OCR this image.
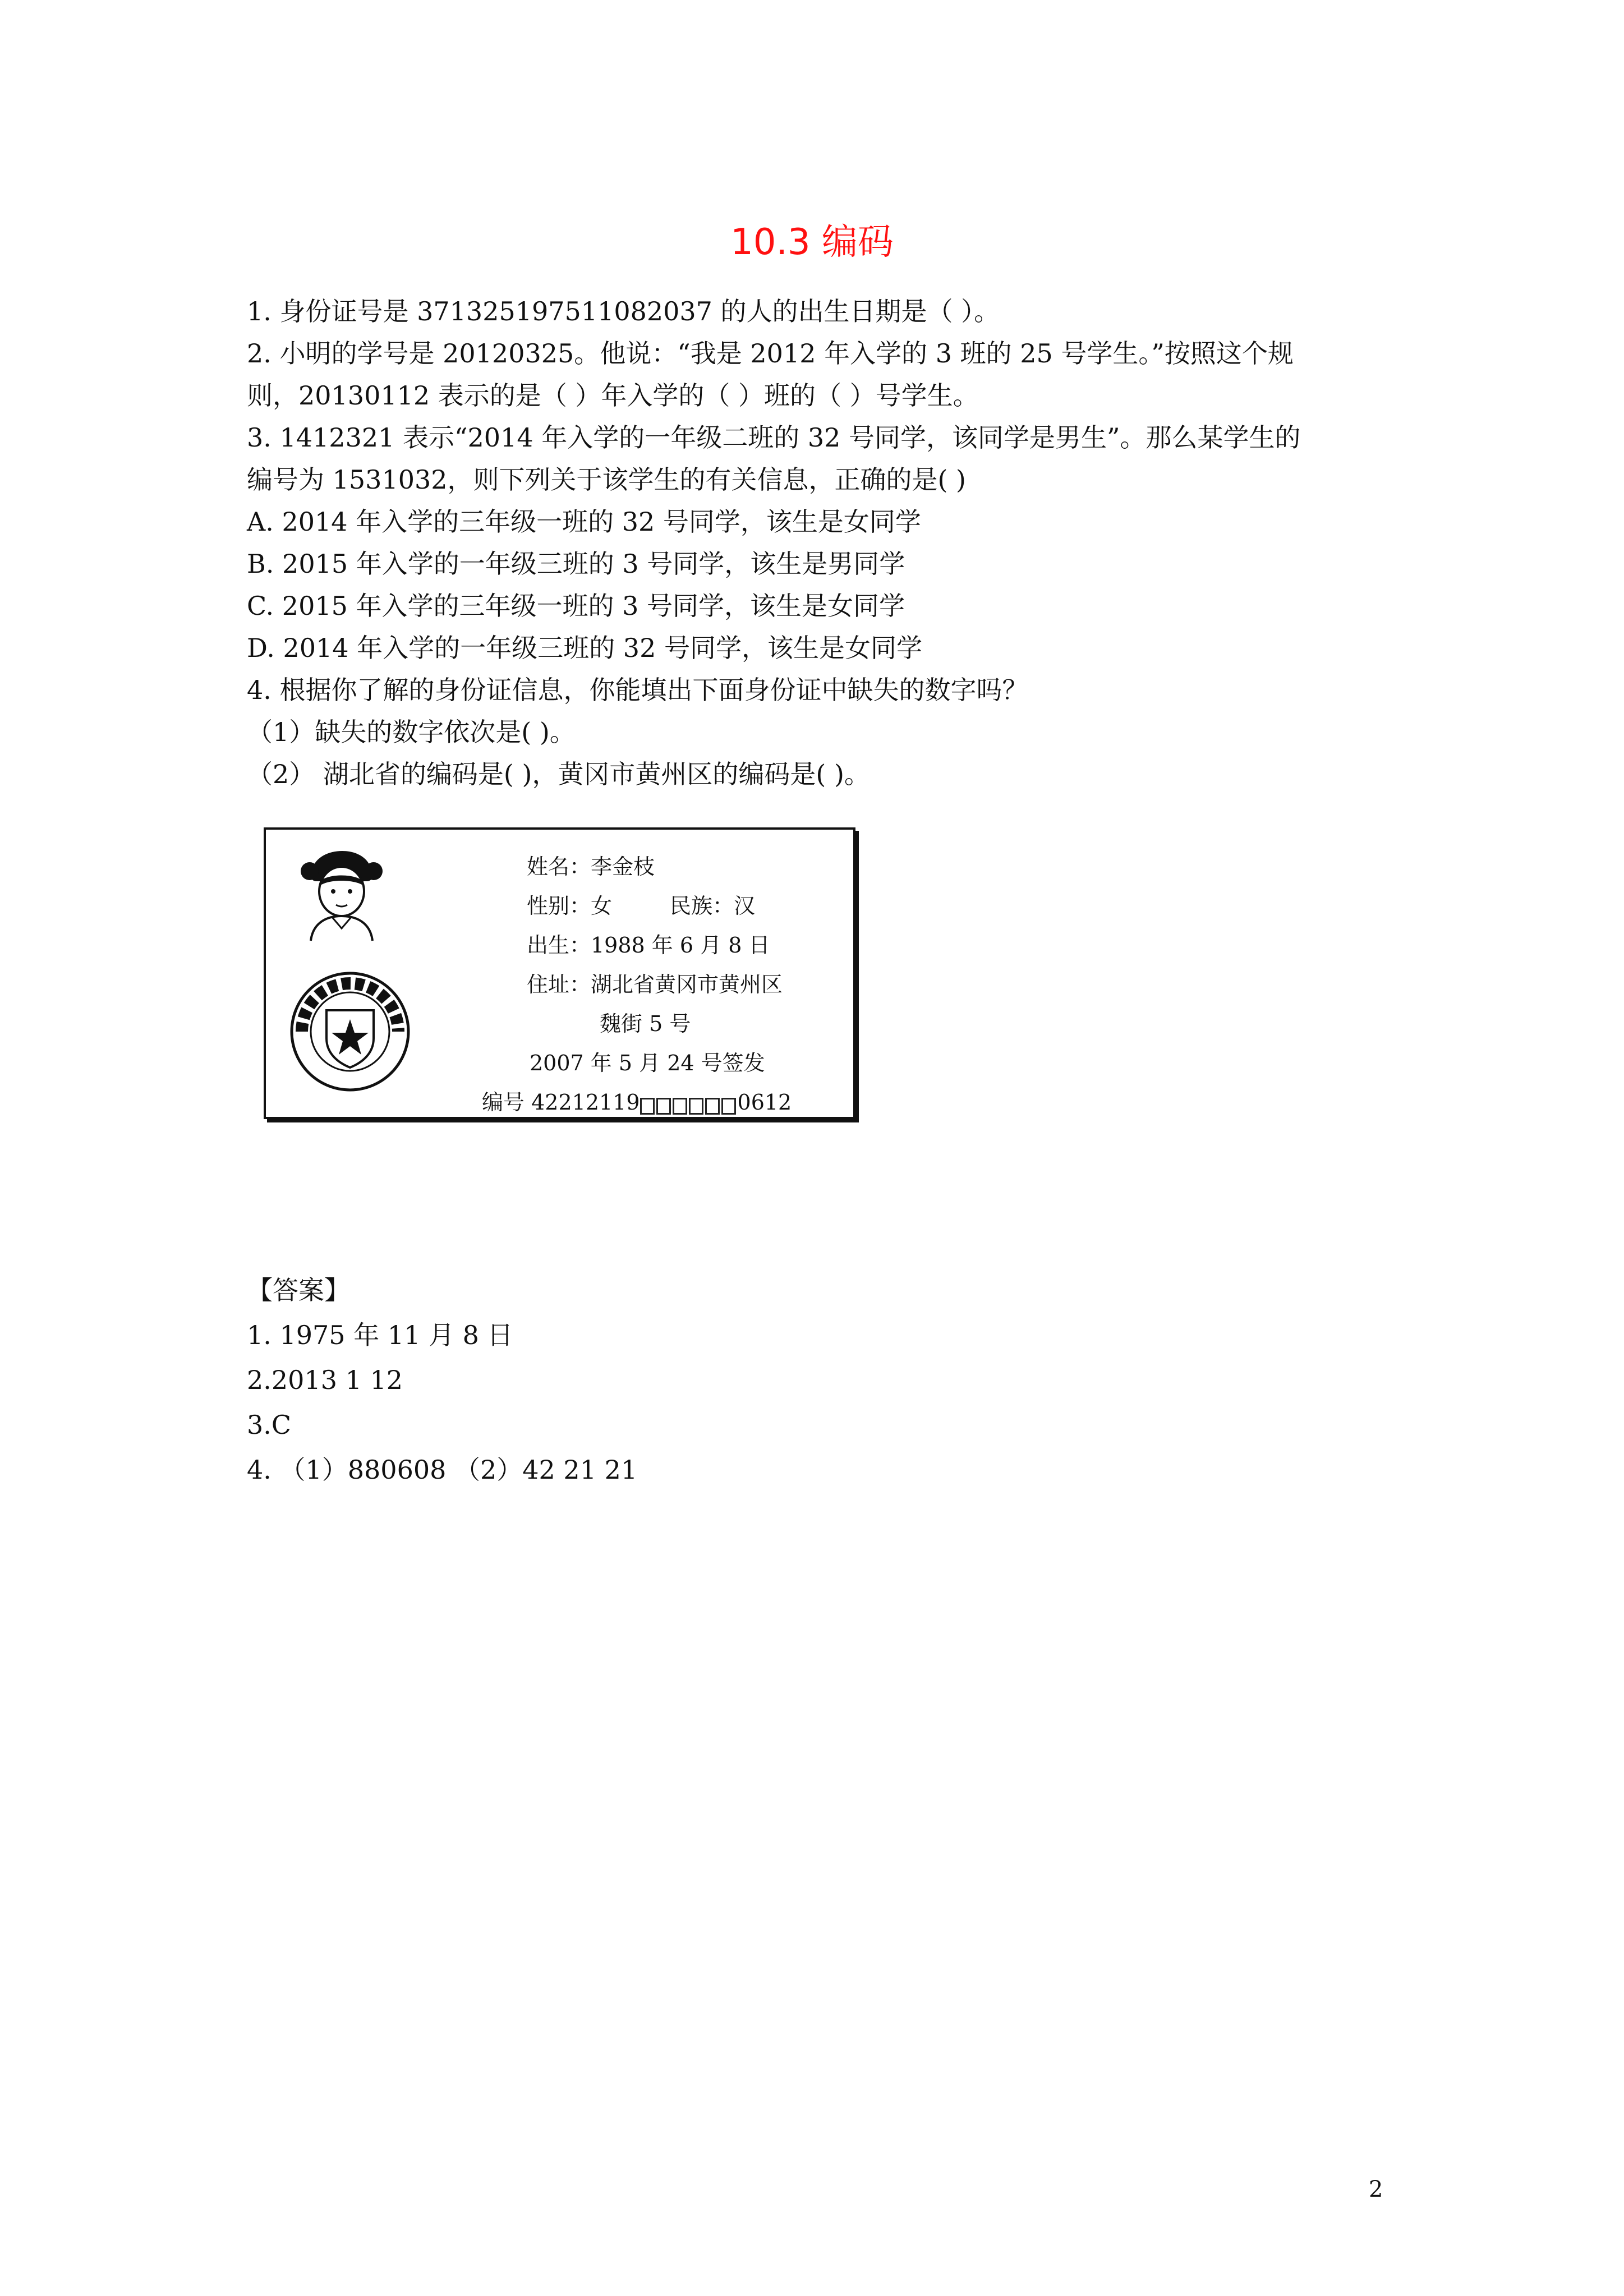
10.3 编码
1. 身份证号是 371325197511082037 的人的出生日期是（ ）。
2. 小明的学号是 20120325。他说：“我是 2012 年入学的 3 班的 25 号学生。”按照这个规
则，20130112 表示的是（ ）年入学的（ ）班的（ ）号学生。
3. 1412321 表示“2014 年入学的一年级二班的 32 号同学，该同学是男生”。那么某学生的
编号为 1531032，则下列关于该学生的有关信息，正确的是( )
A. 2014 年入学的三年级一班的 32 号同学，该生是女同学
B. 2015 年入学的一年级三班的 3 号同学，该生是男同学
C. 2015 年入学的三年级一班的 3 号同学，该生是女同学
D. 2014 年入学的一年级三班的 32 号同学，该生是女同学
4. 根据你了解的身份证信息，你能填出下面身份证中缺失的数字吗？
（1）缺失的数字依次是( )。
（2） 湖北省的编码是( )，黄冈市黄州区的编码是( )。
姓名：李金枝
性别：女	民族：汉
出生：1988 年 6 月 8 日
住址：湖北省黄冈市黄州区
魏街 5 号
2007 年 5 月 24 号签发
编号 42212119	0612
【答案】
1. 1975 年 11 月 8 日
2.2013 1 12
3.C
4. （1）880608 （2）42 21 21
2
